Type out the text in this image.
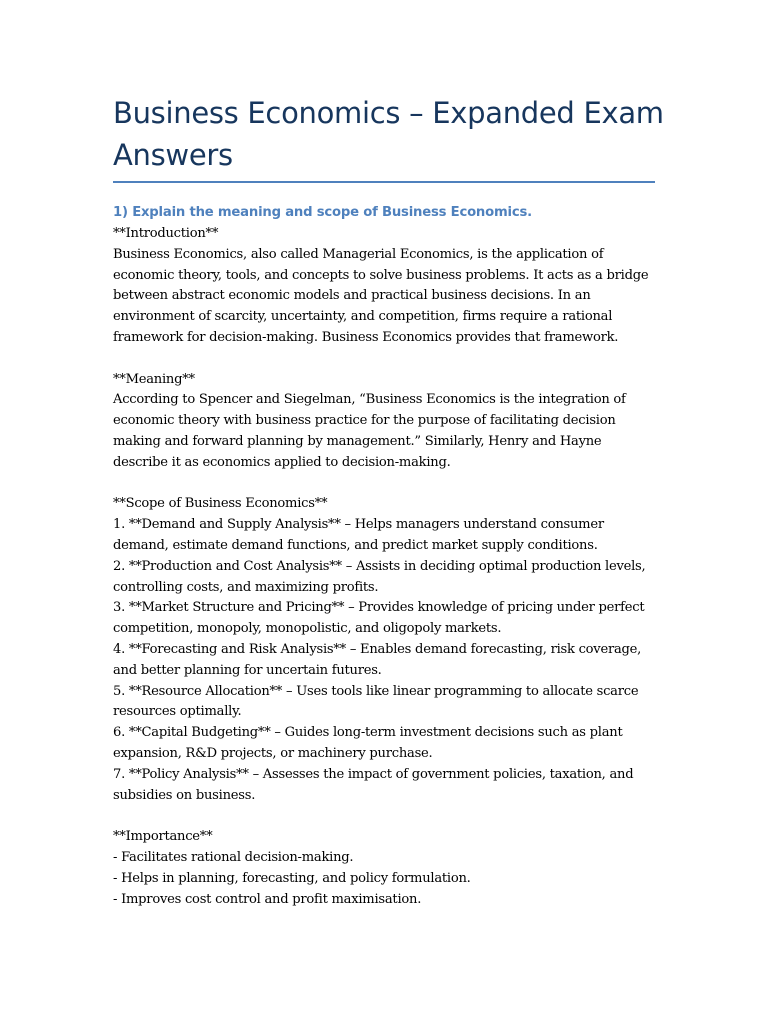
Business Economics – Expanded Exam
Answers
1) Explain the meaning and scope of Business Economics.
**Introduction**
Business Economics, also called Managerial Economics, is the application of
economic theory, tools, and concepts to solve business problems. It acts as a bridge
between abstract economic models and practical business decisions. In an
environment of scarcity, uncertainty, and competition, firms require a rational
framework for decision-making. Business Economics provides that framework.
**Meaning**
According to Spencer and Siegelman, “Business Economics is the integration of
economic theory with business practice for the purpose of facilitating decision
making and forward planning by management.” Similarly, Henry and Hayne
describe it as economics applied to decision-making.
**Scope of Business Economics**
1. **Demand and Supply Analysis** – Helps managers understand consumer
demand, estimate demand functions, and predict market supply conditions.
2. **Production and Cost Analysis** – Assists in deciding optimal production levels,
controlling costs, and maximizing profits.
3. **Market Structure and Pricing** – Provides knowledge of pricing under perfect
competition, monopoly, monopolistic, and oligopoly markets.
4. **Forecasting and Risk Analysis** – Enables demand forecasting, risk coverage,
and better planning for uncertain futures.
5. **Resource Allocation** – Uses tools like linear programming to allocate scarce
resources optimally.
6. **Capital Budgeting** – Guides long-term investment decisions such as plant
expansion, R&D projects, or machinery purchase.
7. **Policy Analysis** – Assesses the impact of government policies, taxation, and
subsidies on business.
**Importance**
- Facilitates rational decision-making.
- Helps in planning, forecasting, and policy formulation.
- Improves cost control and profit maximisation.
